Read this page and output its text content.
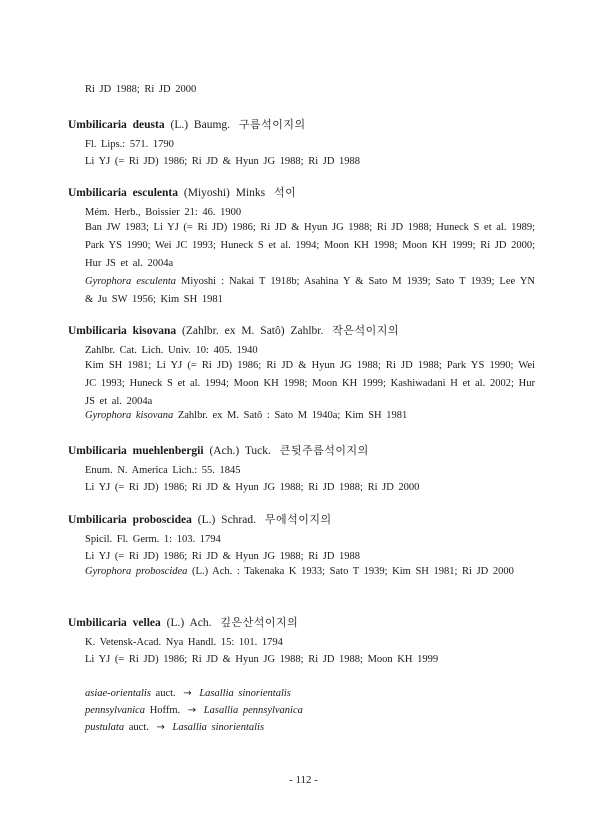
Ri JD 1988; Ri JD 2000
Umbilicaria deusta (L.) Baumg. 구름석이지의
Fl. Lips.: 571. 1790
Li YJ (= Ri JD) 1986; Ri JD & Hyun JG 1988; Ri JD 1988
Umbilicaria esculenta (Miyoshi) Minks 석이
Mém. Herb., Boissier 21: 46. 1900
Ban JW 1983; Li YJ (= Ri JD) 1986; Ri JD & Hyun JG 1988; Ri JD 1988; Huneck S et al. 1989; Park YS 1990; Wei JC 1993; Huneck S et al. 1994; Moon KH 1998; Moon KH 1999; Ri JD 2000; Hur JS et al. 2004a
Gyrophora esculenta Miyoshi : Nakai T 1918b; Asahina Y & Sato M 1939; Sato T 1939; Lee YN & Ju SW 1956; Kim SH 1981
Umbilicaria kisovana (Zahlbr. ex M. Satô) Zahlbr. 작은석이지의
Zahlbr. Cat. Lich. Univ. 10: 405. 1940
Kim SH 1981; Li YJ (= Ri JD) 1986; Ri JD & Hyun JG 1988; Ri JD 1988; Park YS 1990; Wei JC 1993; Huneck S et al. 1994; Moon KH 1998; Moon KH 1999; Kashiwadani H et al. 2002; Hur JS et al. 2004a
Gyrophora kisovana Zahlbr. ex M. Satô : Sato M 1940a; Kim SH 1981
Umbilicaria muehlenbergii (Ach.) Tuck. 큰뒷주름석이지의
Enum. N. America Lich.: 55. 1845
Li YJ (= Ri JD) 1986; Ri JD & Hyun JG 1988; Ri JD 1988; Ri JD 2000
Umbilicaria proboscidea (L.) Schrad. 무에석이지의
Spicil. Fl. Germ. 1: 103. 1794
Li YJ (= Ri JD) 1986; Ri JD & Hyun JG 1988; Ri JD 1988
Gyrophora proboscidea (L.) Ach. : Takenaka K 1933; Sato T 1939; Kim SH 1981; Ri JD 2000
Umbilicaria vellea (L.) Ach. 깊은산석이지의
K. Vetensk-Acad. Nya Handl. 15: 101. 1794
Li YJ (= Ri JD) 1986; Ri JD & Hyun JG 1988; Ri JD 1988; Moon KH 1999
asiae-orientalis auct. → Lasallia sinorientalis
pennsylvanica Hoffm. → Lasallia pennsylvanica
pustulata auct. → Lasallia sinorientalis
- 112 -
